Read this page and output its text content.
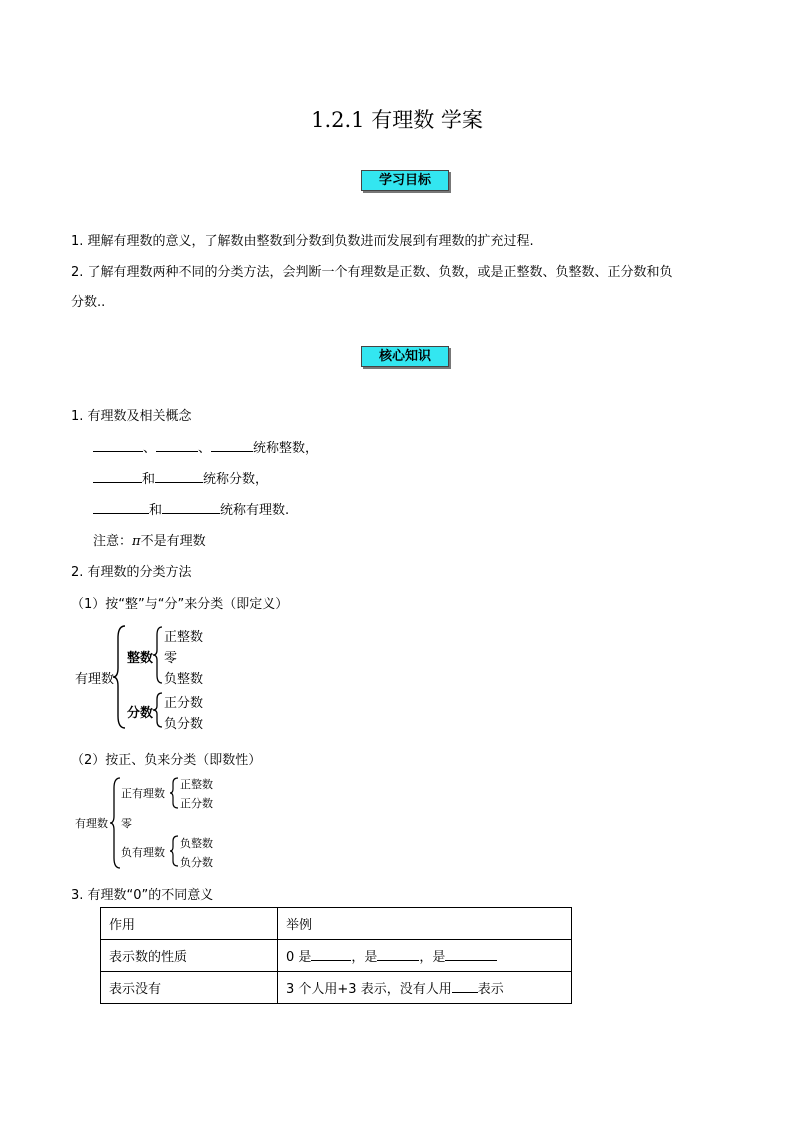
1.2.1 有理数 学案
学习目标
1. 理解有理数的意义，了解数由整数到分数到负数进而发展到有理数的扩充过程.
2. 了解有理数两种不同的分类方法，会判断一个有理数是正数、负数，或是正整数、负整数、正分数和负
分数..
核心知识
1. 有理数及相关概念
、	、	统称整数，
和	统称分数，
和	统称有理数.
注意：π不是有理数
2. 有理数的分类方法
（1）按“整”与“分”来分类（即定义）
有理数
整数
正整数
零
负整数
分数
正分数
负分数
（2）按正、负来分类（即数性）
有理数
正有理数
正整数
正分数
零
负有理数
负整数
负分数
3. 有理数“0”的不同意义
作用	举例
表示数的性质	0 是 ，是 ，是
表示没有	3 个人用+3 表示，没有人用 表示
